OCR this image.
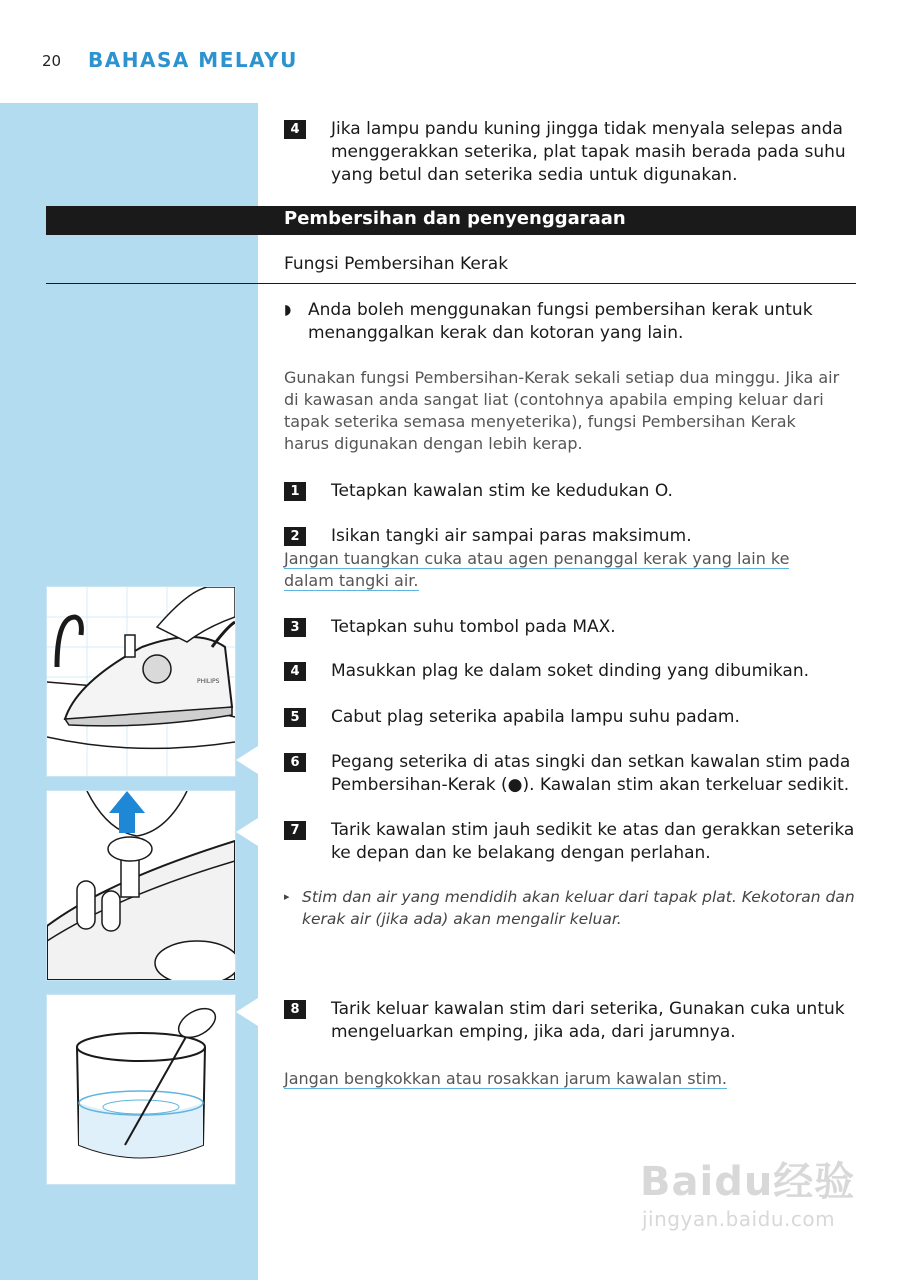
20 BAHASA MELAYU
4	Jika lampu pandu kuning jingga tidak menyala selepas anda menggerakkan seterika, plat tapak masih berada pada suhu yang betul dan seterika sedia untuk digunakan.
Pembersihan dan penyenggaraan
Fungsi Pembersihan Kerak
◗ Anda boleh menggunakan fungsi pembersihan kerak untuk menanggalkan kerak dan kotoran yang lain.
Gunakan fungsi Pembersihan-Kerak sekali setiap dua minggu. Jika air di kawasan anda sangat liat (contohnya apabila emping keluar dari tapak seterika semasa menyeterika), fungsi Pembersihan Kerak harus digunakan dengan lebih kerap.
1	Tetapkan kawalan stim ke kedudukan O.
2	Isikan tangki air sampai paras maksimum.
Jangan tuangkan cuka atau agen penanggal kerak yang lain ke dalam tangki air.
3	Tetapkan suhu tombol pada MAX.
4	Masukkan plag ke dalam soket dinding yang dibumikan.
5	Cabut plag seterika apabila lampu suhu padam.
6	Pegang seterika di atas singki dan setkan kawalan stim pada Pembersihan-Kerak (●). Kawalan stim akan terkeluar sedikit.
7	Tarik kawalan stim jauh sedikit ke atas dan gerakkan seterika ke depan dan ke belakang dengan perlahan.
▸ Stim dan air yang mendidih akan keluar dari tapak plat. Kekotoran dan kerak air (jika ada) akan mengalir keluar.
8	Tarik keluar kawalan stim dari seterika, Gunakan cuka untuk mengeluarkan emping, jika ada, dari jarumnya.
Jangan bengkokkan atau rosakkan jarum kawalan stim.
PHILIPS
Baidu经验
jingyan.baidu.com
